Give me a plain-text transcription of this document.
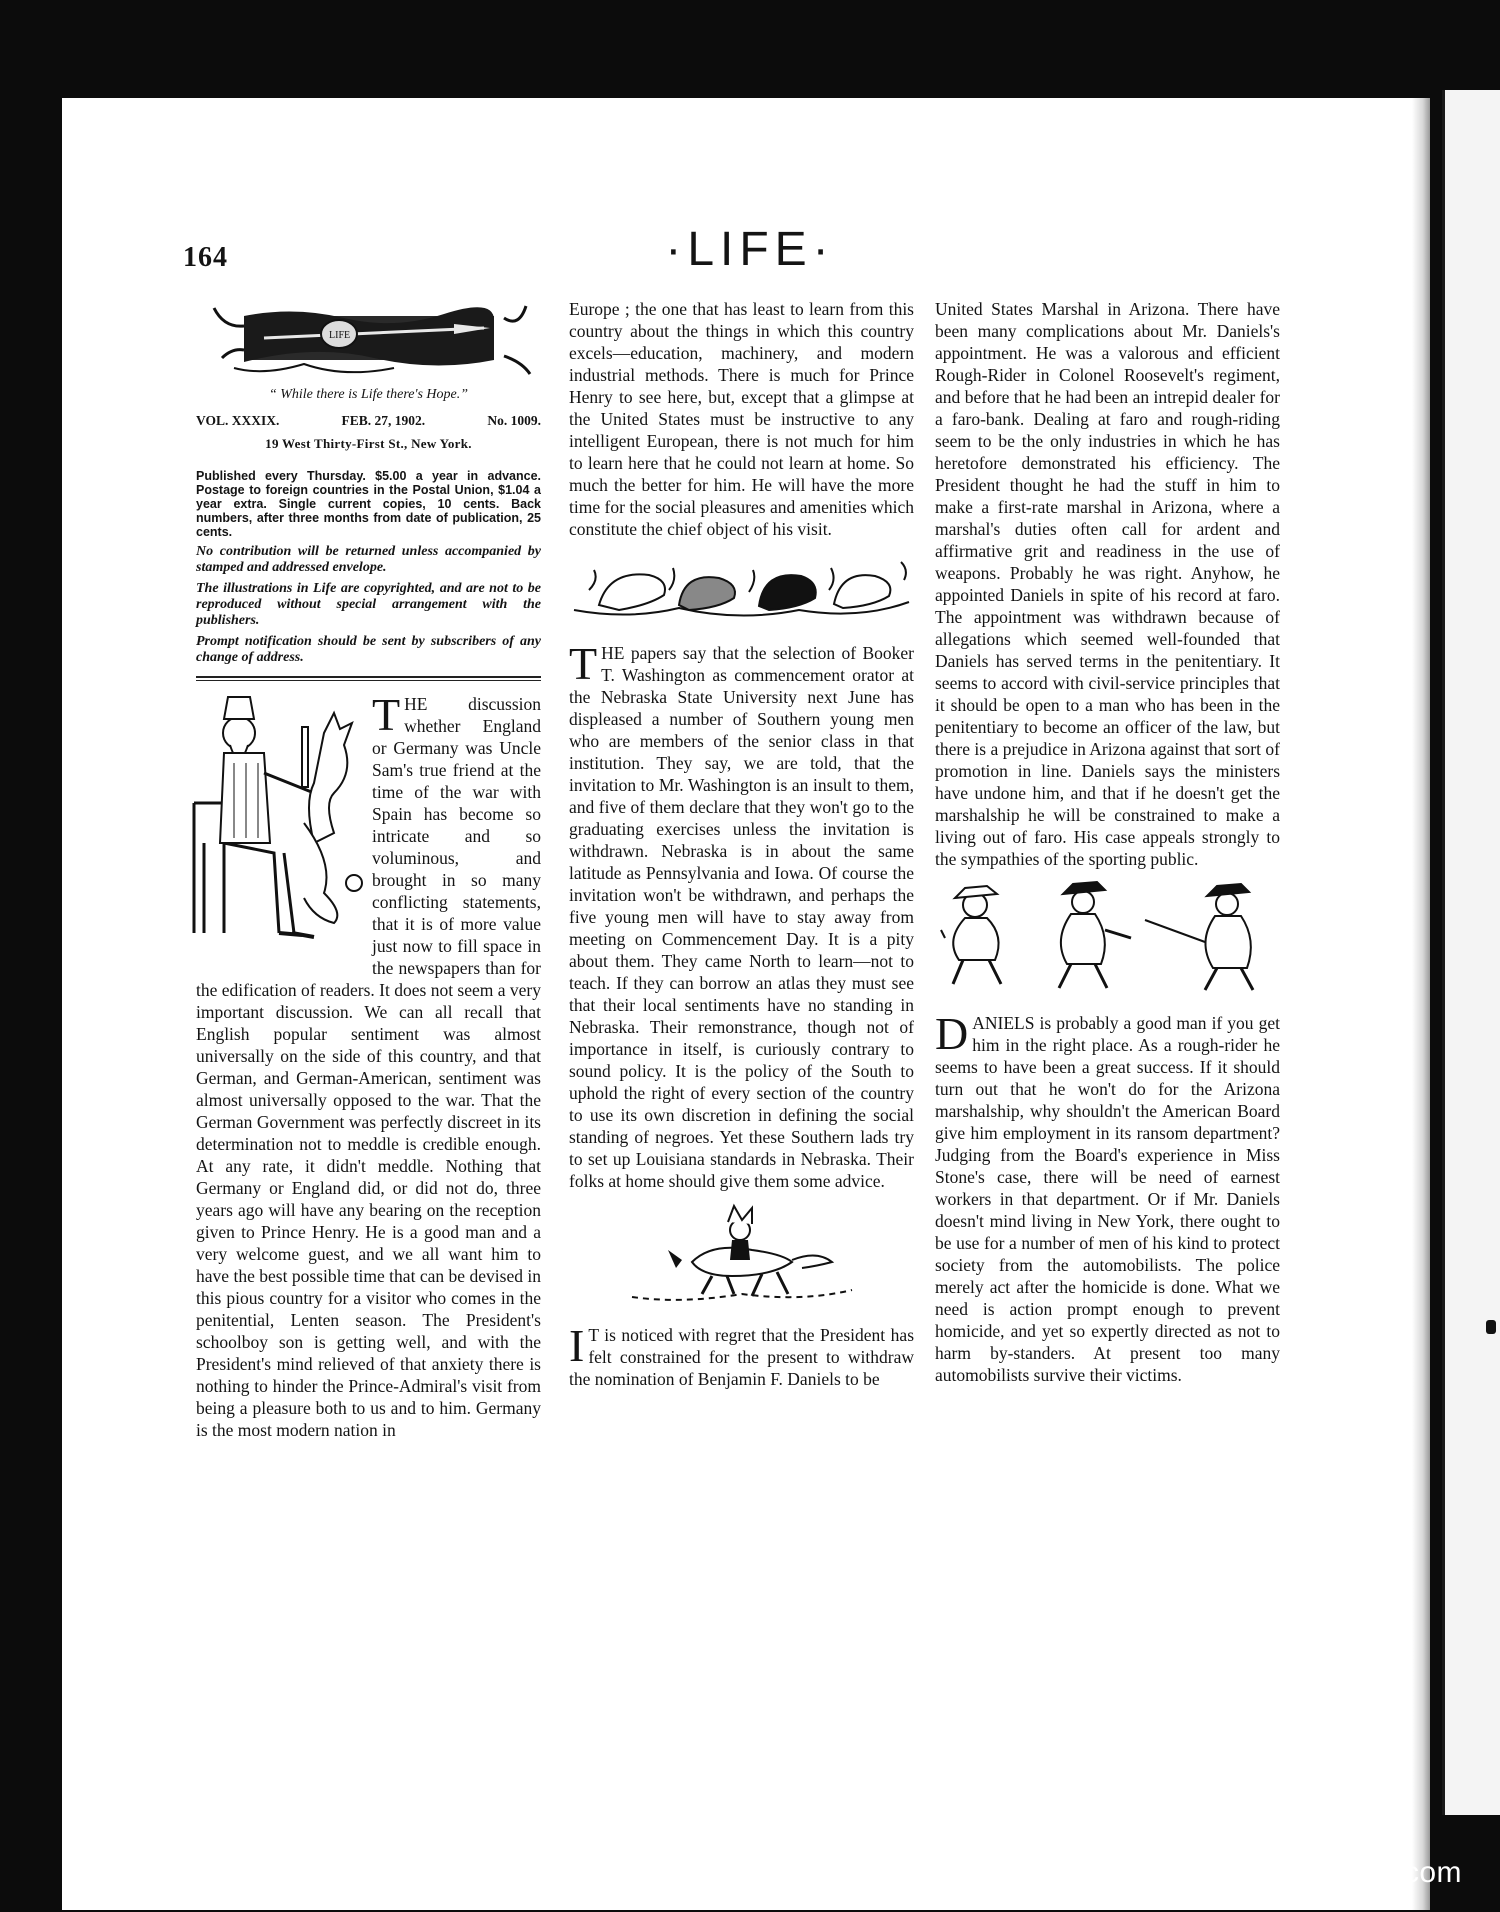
164	·LIFE·
LIFE
“ While there is Life there's Hope.”
VOL. XXXIX.	FEB. 27, 1902.	No. 1009.
19 West Thirty-First St., New York.
Published every Thursday. $5.00 a year in advance. Postage to foreign countries in the Postal Union, $1.04 a year extra. Single current copies, 10 cents. Back numbers, after three months from date of publication, 25 cents.
No contribution will be returned unless accompanied by stamped and addressed envelope.
The illustrations in Life are copyrighted, and are not to be reproduced without special arrangement with the publishers.
Prompt notification should be sent by subscribers of any change of address.

THE discussion whether England or Germany was Uncle Sam's true friend at the time of the war with Spain has become so intricate and so voluminous, and brought in so many conflicting statements, that it is of more value just now to fill space in the newspapers than for the edification of readers. It does not seem a very important discussion. We can all recall that English popular sentiment was almost universally on the side of this country, and that German, and German-American, sentiment was almost universally opposed to the war. That the German Government was perfectly discreet in its determination not to meddle is credible enough. At any rate, it didn't meddle. Nothing that Germany or England did, or did not do, three years ago will have any bearing on the reception given to Prince Henry. He is a good man and a very welcome guest, and we all want him to have the best possible time that can be devised in this pious country for a visitor who comes in the penitential, Lenten season. The President's schoolboy son is getting well, and with the President's mind relieved of that anxiety there is nothing to hinder the Prince-Admiral's visit from being a pleasure both to us and to him. Germany is the most modern nation in

Europe ; the one that has least to learn from this country about the things in which this country excels—education, machinery, and modern industrial methods. There is much for Prince Henry to see here, but, except that a glimpse at the United States must be instructive to any intelligent European, there is not much for him to learn here that he could not learn at home. So much the better for him. He will have the more time for the social pleasures and amenities which constitute the chief object of his visit.

THE papers say that the selection of Booker T. Washington as commencement orator at the Nebraska State University next June has displeased a number of Southern young men who are members of the senior class in that institution. They say, we are told, that the invitation to Mr. Washington is an insult to them, and five of them declare that they won't go to the graduating exercises unless the invitation is withdrawn. Nebraska is in about the same latitude as Pennsylvania and Iowa. Of course the invitation won't be withdrawn, and perhaps the five young men will have to stay away from meeting on Commencement Day. It is a pity about them. They came North to learn—not to teach. If they can borrow an atlas they must see that their local sentiments have no standing in Nebraska. Their remonstrance, though not of importance in itself, is curiously contrary to sound policy. It is the policy of the South to uphold the right of every section of the country to use its own discretion in defining the social standing of negroes. Yet these Southern lads try to set up Louisiana standards in Nebraska. Their folks at home should give them some advice.

I T is noticed with regret that the President has felt constrained for the present to withdraw the nomination of Benjamin F. Daniels to be

United States Marshal in Arizona. There have been many complications about Mr. Daniels's appointment. He was a valorous and efficient Rough-Rider in Colonel Roosevelt's regiment, and before that he had been an intrepid dealer for a faro-bank. Dealing at faro and rough-riding seem to be the only industries in which he has heretofore demonstrated his efficiency. The President thought he had the stuff in him to make a first-rate marshal in Arizona, where a marshal's duties often call for ardent and affirmative grit and readiness in the use of weapons. Probably he was right. Anyhow, he appointed Daniels in spite of his record at faro. The appointment was withdrawn because of allegations which seemed well-founded that Daniels has served terms in the penitentiary. It seems to accord with civil-service principles that it should be open to a man who has been in the penitentiary to become an officer of the law, but there is a prejudice in Arizona against that sort of promotion in line. Daniels says the ministers have undone him, and that if he doesn't get the marshalship he will be constrained to make a living out of faro. His case appeals strongly to the sympathies of the sporting public.

DANIELS is probably a good man if you get him in the right place. As a rough-rider he seems to have been a great success. If it should turn out that he won't do for the Arizona marshalship, why shouldn't the American Board give him employment in its ransom department? Judging from the Board's experience in Miss Stone's case, there will be need of earnest workers in that department. Or if Mr. Daniels doesn't mind living in New York, there ought to be use for a number of men of his kind to protect society from the automobilists. The police merely act after the homicide is done. What we need is action prompt enough to prevent homicide, and yet so expertly directed as not to harm by-standers. At present too many automobilists survive their victims.

comicbooks.com
